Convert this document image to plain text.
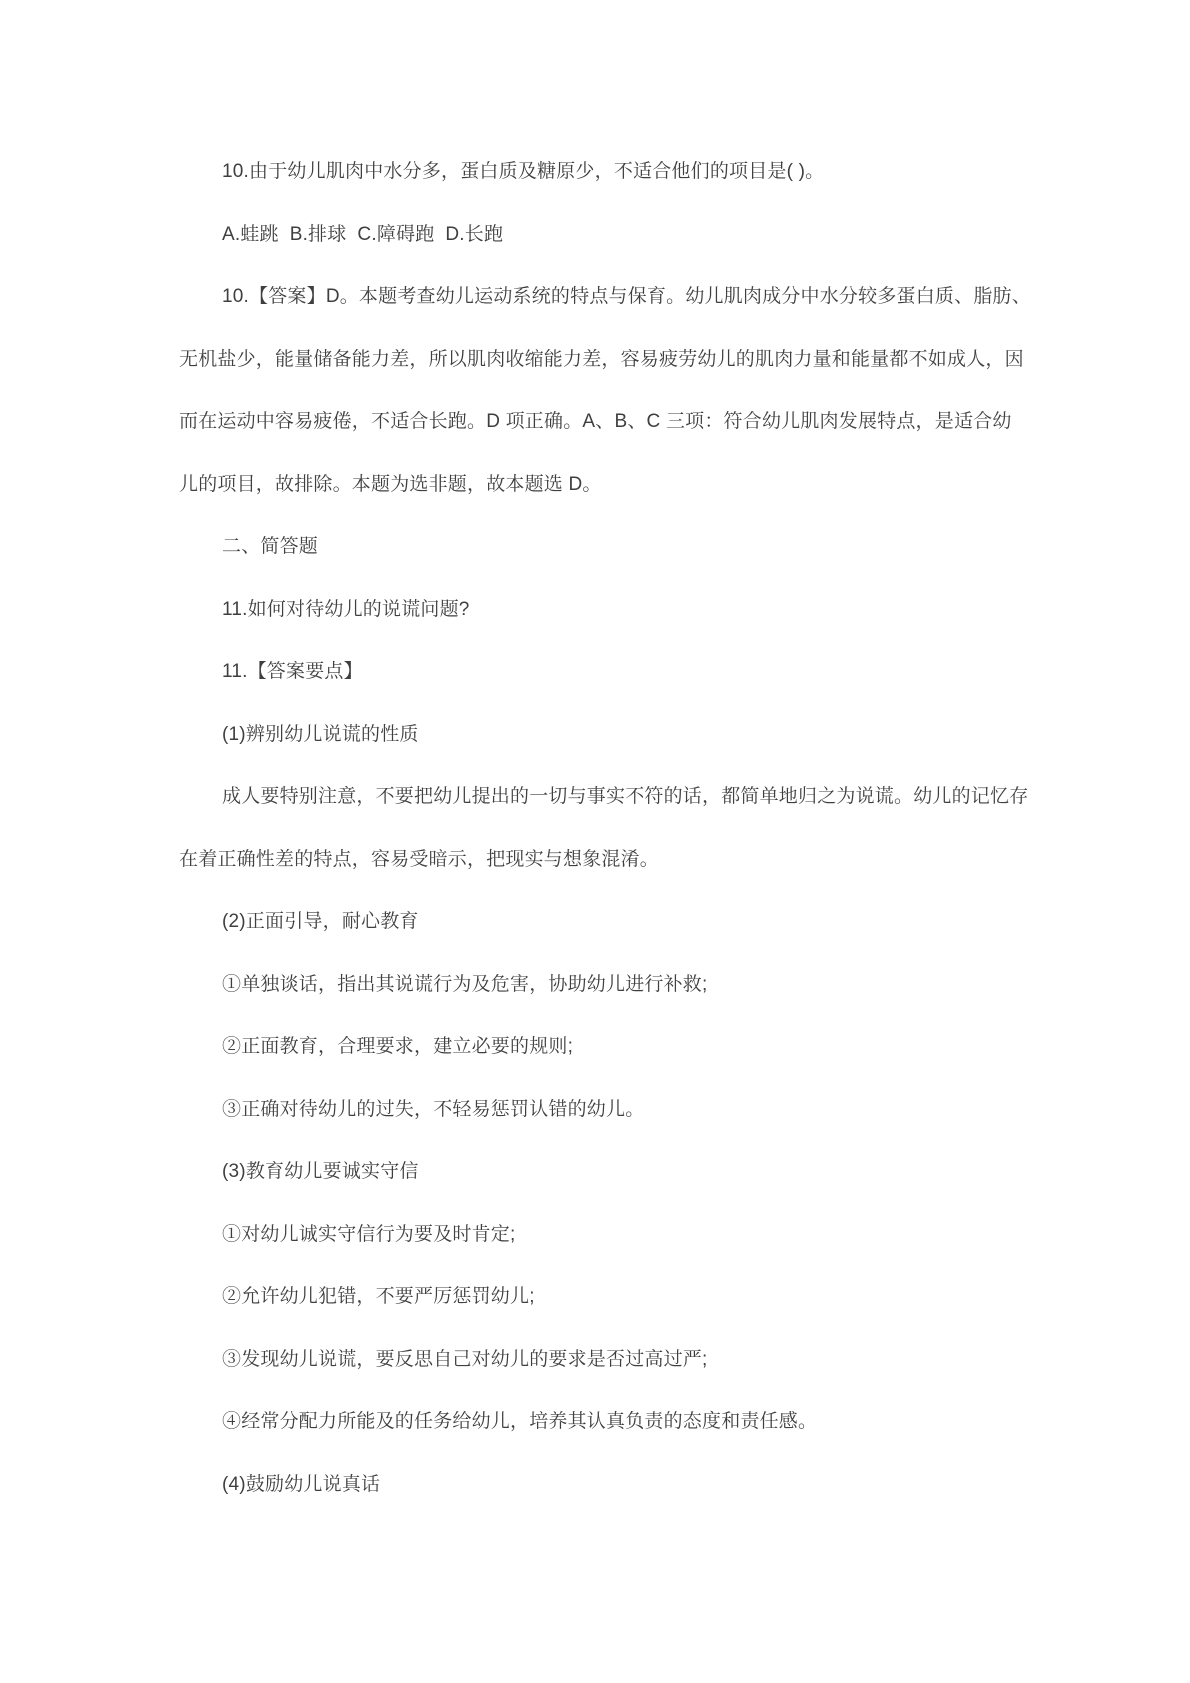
10.由于幼儿肌肉中水分多，蛋白质及糖原少，不适合他们的项目是( )。
A.蛙跳  B.排球  C.障碍跑  D.长跑
10.【答案】D。本题考查幼儿运动系统的特点与保育。幼儿肌肉成分中水分较多蛋白质、脂肪、
无机盐少，能量储备能力差，所以肌肉收缩能力差，容易疲劳幼儿的肌肉力量和能量都不如成人，因
而在运动中容易疲倦，不适合长跑。D 项正确。A、B、C 三项：符合幼儿肌肉发展特点，是适合幼
儿的项目，故排除。本题为选非题，故本题选 D。
二、简答题
11.如何对待幼儿的说谎问题?
11.【答案要点】
(1)辨别幼儿说谎的性质
成人要特别注意，不要把幼儿提出的一切与事实不符的话，都简单地归之为说谎。幼儿的记忆存
在着正确性差的特点，容易受暗示，把现实与想象混淆。
(2)正面引导，耐心教育
①单独谈话，指出其说谎行为及危害，协助幼儿进行补救;
②正面教育，合理要求，建立必要的规则;
③正确对待幼儿的过失，不轻易惩罚认错的幼儿。
(3)教育幼儿要诚实守信
①对幼儿诚实守信行为要及时肯定;
②允许幼儿犯错，不要严厉惩罚幼儿;
③发现幼儿说谎，要反思自己对幼儿的要求是否过高过严;
④经常分配力所能及的任务给幼儿，培养其认真负责的态度和责任感。
(4)鼓励幼儿说真话
